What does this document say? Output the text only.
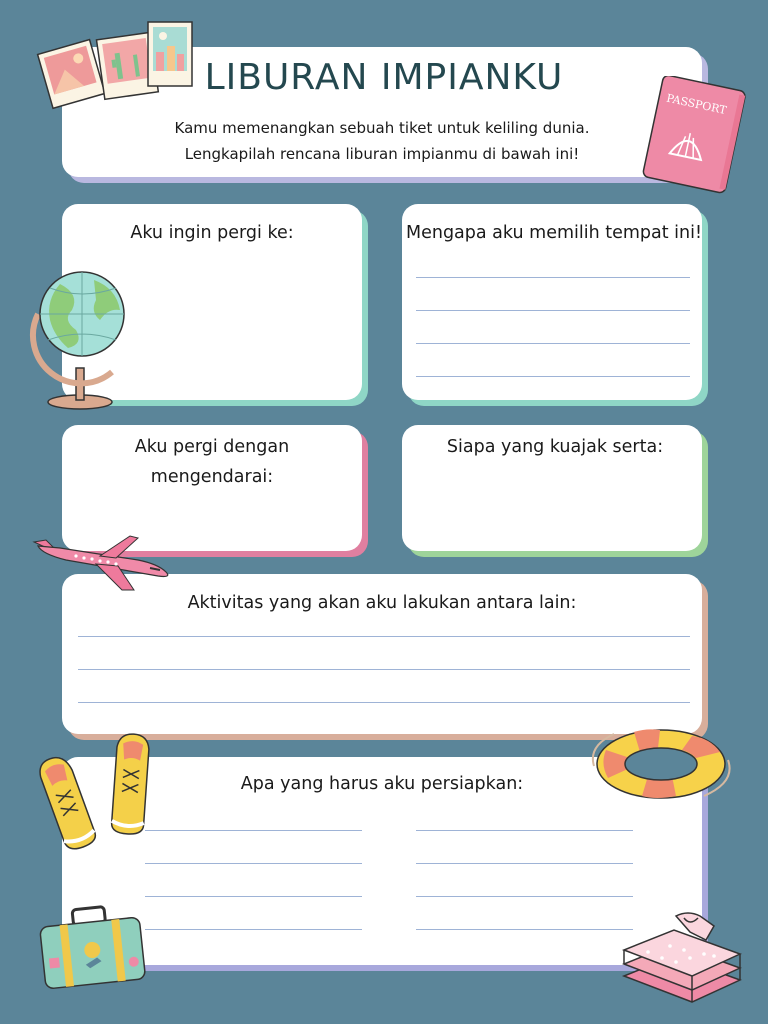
LIBURAN IMPIANKU
Kamu memenangkan sebuah tiket untuk keliling dunia.
Lengkapilah rencana liburan impianmu di bawah ini!
Aku ingin pergi ke:	Mengapa aku memilih tempat ini!
Aku pergi dengan mengendarai:
Siapa yang kuajak serta:
Aktivitas yang akan aku lakukan antara lain:
Apa yang harus aku persiapkan:
PASSPORT
